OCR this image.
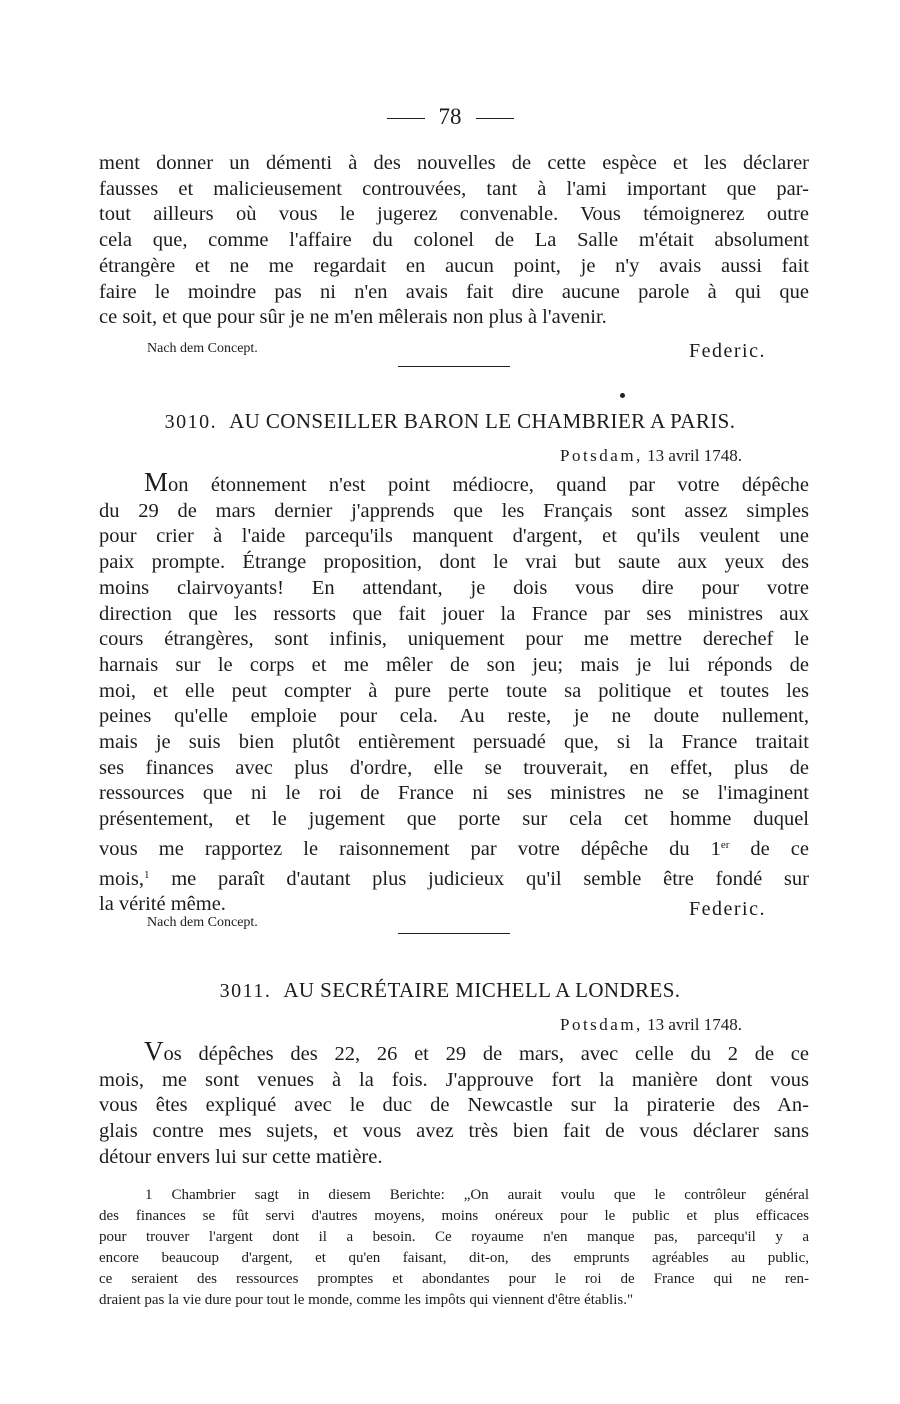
78
ment donner un démenti à des nouvelles de cette espèce et les déclarer
fausses et malicieusement controuvées, tant à l'ami important que par-
tout ailleurs où vous le jugerez convenable. Vous témoignerez outre
cela que, comme l'affaire du colonel de La Salle m'était absolument
étrangère et ne me regardait en aucun point, je n'y avais aussi fait
faire le moindre pas ni n'en avais fait dire aucune parole à qui que
ce soit, et que pour sûr je ne m'en mêlerais non plus à l'avenir.
Nach dem Concept.	Federic.
3010. AU CONSEILLER BARON LE CHAMBRIER A PARIS.
Potsdam, 13 avril 1748.
Mon étonnement n'est point médiocre, quand par votre dépêche
du 29 de mars dernier j'apprends que les Français sont assez simples
pour crier à l'aide parcequ'ils manquent d'argent, et qu'ils veulent une
paix prompte. Étrange proposition, dont le vrai but saute aux yeux des
moins clairvoyants! En attendant, je dois vous dire pour votre
direction que les ressorts que fait jouer la France par ses ministres aux
cours étrangères, sont infinis, uniquement pour me mettre derechef le
harnais sur le corps et me mêler de son jeu; mais je lui réponds de
moi, et elle peut compter à pure perte toute sa politique et toutes les
peines qu'elle emploie pour cela. Au reste, je ne doute nullement,
mais je suis bien plutôt entièrement persuadé que, si la France traitait
ses finances avec plus d'ordre, elle se trouverait, en effet, plus de
ressources que ni le roi de France ni ses ministres ne se l'imaginent
présentement, et le jugement que porte sur cela cet homme duquel
vous me rapportez le raisonnement par votre dépêche du 1er de ce
mois,$^1$ me paraît d'autant plus judicieux qu'il semble être fondé sur
la vérité même.	Federic.
Nach dem Concept.
3011. AU SECRÉTAIRE MICHELL A LONDRES.
Potsdam, 13 avril 1748.
Vos dépêches des 22, 26 et 29 de mars, avec celle du 2 de ce
mois, me sont venues à la fois. J'approuve fort la manière dont vous
vous êtes expliqué avec le duc de Newcastle sur la piraterie des An-
glais contre mes sujets, et vous avez très bien fait de vous déclarer sans
détour envers lui sur cette matière.
1 Chambrier sagt in diesem Berichte: „On aurait voulu que le contrôleur général
des finances se fût servi d'autres moyens, moins onéreux pour le public et plus efficaces
pour trouver l'argent dont il a besoin. Ce royaume n'en manque pas, parcequ'il y a
encore beaucoup d'argent, et qu'en faisant, dit-on, des emprunts agréables au public,
ce seraient des ressources promptes et abondantes pour le roi de France qui ne ren-
draient pas la vie dure pour tout le monde, comme les impôts qui viennent d'être établis."
